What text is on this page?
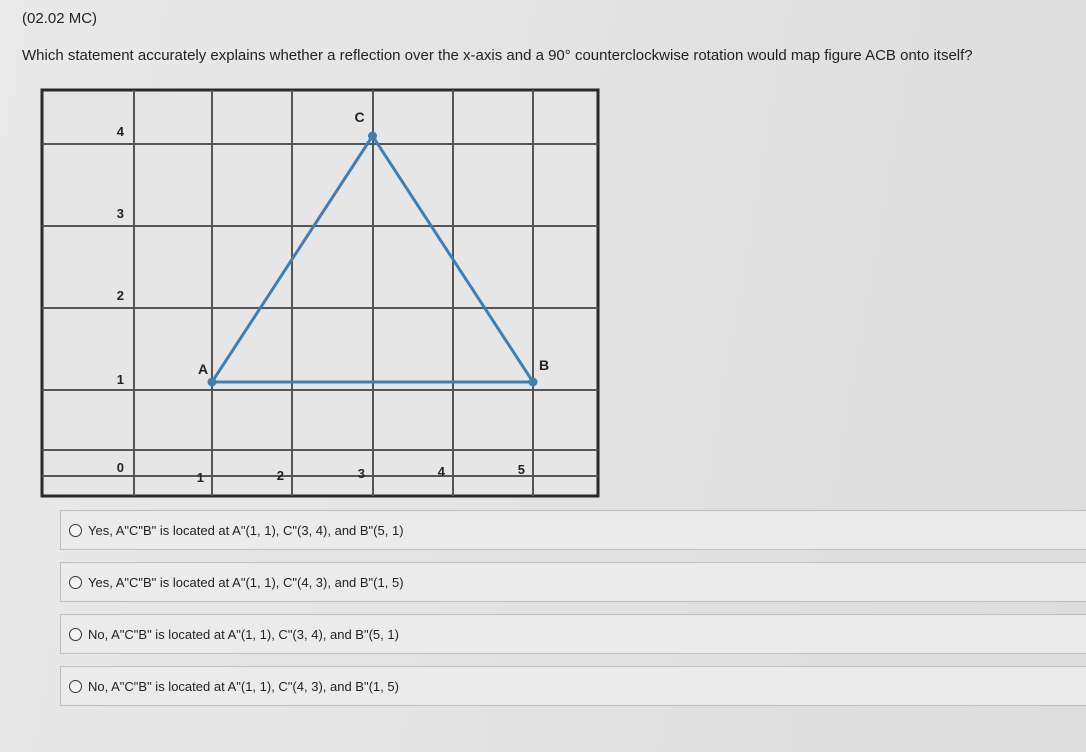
(02.02 MC)
Which statement accurately explains whether a reflection over the x-axis and a 90° counterclockwise rotation would map figure ACB onto itself?
0
1
2
3
4
1	2	3	4	5
A
C
B
Yes, A"C"B" is located at A"(1, 1), C"(3, 4), and B"(5, 1)
Yes, A"C"B" is located at A"(1, 1), C"(4, 3), and B"(1, 5)
No, A"C"B" is located at A"(1, 1), C"(3, 4), and B"(5, 1)
No, A"C"B" is located at A"(1, 1), C"(4, 3), and B"(1, 5)
